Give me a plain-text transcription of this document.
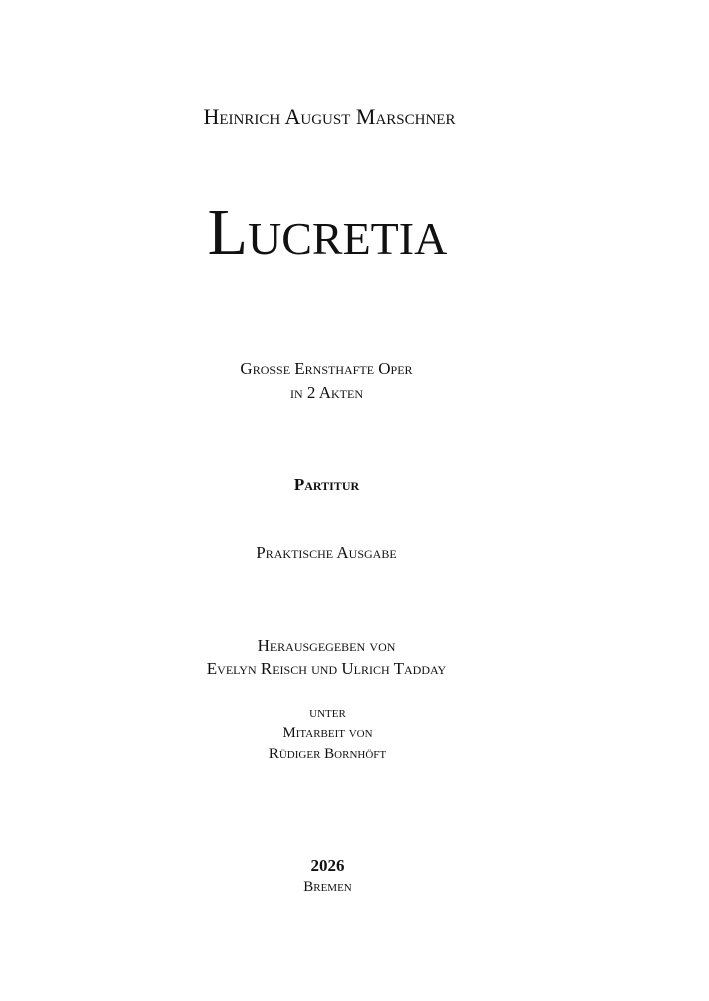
Heinrich August Marschner
Lucretia
Grosse Ernsthafte Oper
in 2 Akten
Partitur
Praktische Ausgabe
Herausgegeben von
Evelyn Reisch und Ulrich Tadday
unter
Mitarbeit von
Rüdiger Bornhöft
2026
Bremen
